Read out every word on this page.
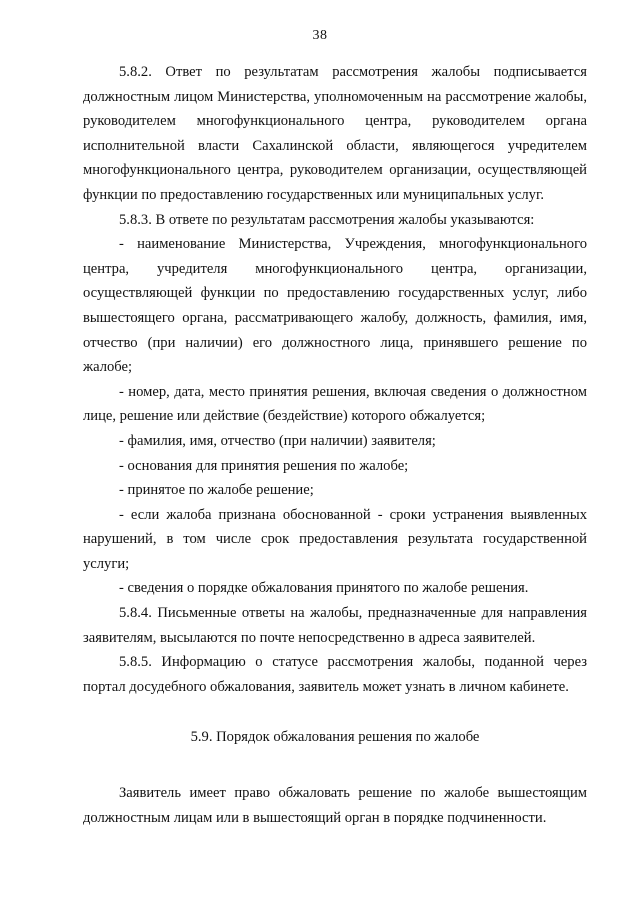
38

5.8.2. Ответ по результатам рассмотрения жалобы подписывается должностным лицом Министерства, уполномоченным на рассмотрение жалобы, руководителем многофункционального центра, руководителем органа исполнительной власти Сахалинской области, являющегося учредителем многофункционального центра, руководителем организации, осуществляющей функции по предоставлению государственных или муниципальных услуг.

5.8.3. В ответе по результатам рассмотрения жалобы указываются:

- наименование Министерства, Учреждения, многофункционального центра, учредителя многофункционального центра, организации, осуществляющей функции по предоставлению государственных услуг, либо вышестоящего органа, рассматривающего жалобу, должность, фамилия, имя, отчество (при наличии) его должностного лица, принявшего решение по жалобе;

- номер, дата, место принятия решения, включая сведения о должностном лице, решение или действие (бездействие) которого обжалуется;

- фамилия, имя, отчество (при наличии) заявителя;

- основания для принятия решения по жалобе;

- принятое по жалобе решение;

- если жалоба признана обоснованной - сроки устранения выявленных нарушений, в том числе срок предоставления результата государственной услуги;

- сведения о порядке обжалования принятого по жалобе решения.

5.8.4. Письменные ответы на жалобы, предназначенные для направления заявителям, высылаются по почте непосредственно в адреса заявителей.

5.8.5. Информацию о статусе рассмотрения жалобы, поданной через портал досудебного обжалования, заявитель может узнать в личном кабинете.

5.9. Порядок обжалования решения по жалобе

Заявитель имеет право обжаловать решение по жалобе вышестоящим должностным лицам или в вышестоящий орган в порядке подчиненности.
